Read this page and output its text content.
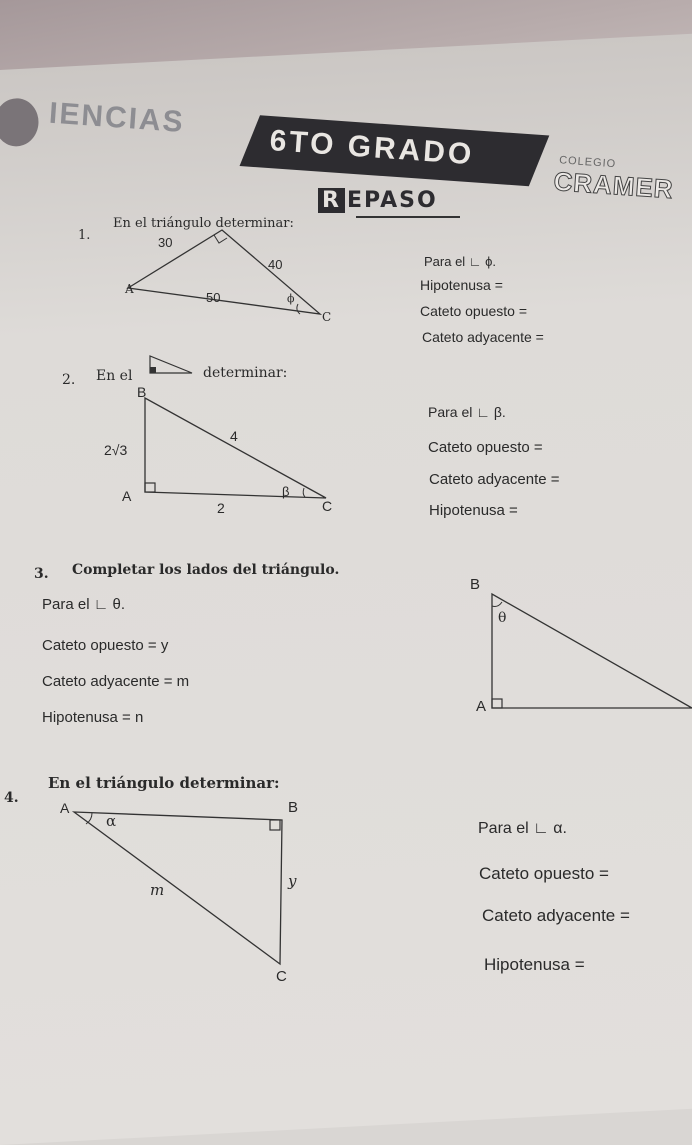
IENCIAS
6TO GRADO	COLEGIO
CRAMER
R EPASO
1.
En el triángulo determinar:
30
40
50
A
C
ϕ
Para el ∟ ϕ.
Hipotenusa =
Cateto opuesto =
Cateto adyacente =
2. En el	determinar:
B
2√3
4
A
2
β
C
Para el ∟ β.
Cateto opuesto =
Cateto adyacente =
Hipotenusa =
3. Completar los lados del triángulo.
Para el ∟ θ.
Cateto opuesto = y
Cateto adyacente = m
Hipotenusa = n
B
θ
A
4.
En el triángulo determinar:
A
α
B
m	y
C
Para el ∟ α.
Cateto opuesto =
Cateto adyacente =
Hipotenusa =
